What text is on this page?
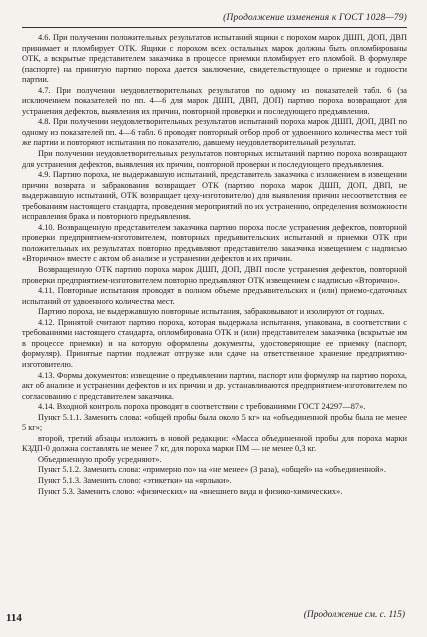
(Продолжение изменения к ГОСТ 1028—79)

4.6. При получении положительных результатов испытаний ящики с порохом марок ДШП, ДОП, ДВП принимает и пломбирует ОТК. Ящики с порохом всех остальных марок должны быть опломбированы ОТК, а вскрытые представителем заказчика в процессе приемки пломбирует его пломбой. В формуляре (паспорте) на принятую партию пороха дается заключение, свидетельствующее о приемке и годности партии.

4.7. При получении неудовлетворительных результатов по одному из показателей табл. 6 (за исключением показателей по пп. 4—6 для марок ДШП, ДВП, ДОП) партию пороха возвращают для устранения дефектов, выявления их причин, повторной проверки и последующего предъявления.

4.8. При получении неудовлетворительных результатов испытаний пороха марок ДШП, ДОП, ДВП по одному из показателей пп. 4—6 табл. 6 проводят повторный отбор проб от удвоенного количества мест той же партии и повторяют испытания по показателю, давшему неудовлетворительный результат.

При получении неудовлетворительных результатов повторных испытаний партию пороха возвращают для устранения дефектов, выявления их причин, повторной проверки и последующего предъявления.

4.9. Партию пороха, не выдержавшую испытаний, представитель заказчика с изложением в извещении причин возврата и забракования возвращает ОТК (партию пороха марок ДШП, ДОП, ДВП, не выдержавшую испытаний, ОТК возвращает цеху-изготовителю) для выявления причин несоответствия ее требованиям настоящего стандарта, проведения мероприятий по их устранению, определения возможности исправления брака и повторного предъявления.

4.10. Возвращенную представителем заказчика партию пороха после устранения дефектов, повторной проверки предприятием-изготовителем, повторных предъявительских испытаний и приемки ОТК при положительных их результатах повторно предъявляют представителю заказчика извещением с надписью «Вторично» вместе с актом об анализе и устранении дефектов и их причин.

Возвращенную ОТК партию пороха марок ДШП, ДОП, ДВП после устранения дефектов, повторной проверки предприятием-изготовителем повторно предъявляют ОТК извещением с надписью «Вторично».

4.11. Повторные испытания проводят в полном объеме предъявительских и (или) приемо-сдаточных испытаний от удвоенного количества мест.

Партию пороха, не выдержавшую повторные испытания, забраковывают и изолируют от годных.

4.12. Принятой считают партию пороха, которая выдержала испытания, упакована, в соответствии с требованиями настоящего стандарта, опломбирована ОТК и (или) представителем заказчика (вскрытые им в процессе приемки) и на которую оформлены документы, удостоверяющие ее приемку (паспорт, формуляр). Принятые партии подлежат отгрузке или сдаче на ответственное хранение предприятию-изготовителю.

4.13. Формы документов: извещение о предъявлении партии, паспорт или формуляр на партию пороха, акт об анализе и устранении дефектов и их причин и др. устанавливаются предприятием-изготовителем по согласованию с представителем заказчика.

4.14. Входной контроль пороха проводят в соответствии с требованиями ГОСТ 24297—87».

Пункт 5.1.1. Заменить слова: «общей пробы была около 5 кг» на «объединенной пробы была не менее 5 кг»;

второй, третий абзацы изложить в новой редакции: «Масса объединенной пробы для пороха марки КЗДП-0 должна составлять не менее 7 кг, для пороха марки ПМ — не менее 0,3 кг.

Объединенную пробу усредняют».

Пункт 5.1.2. Заменить слова: «примерно по» на «не менее» (3 раза), «общей» на «объединенной».

Пункт 5.1.3. Заменить слово: «этикетки» на «ярлыки».

Пункт 5.3. Заменить слово: «физических» на «внешнего вида и физико-химических».

(Продолжение см. с. 115)
114
